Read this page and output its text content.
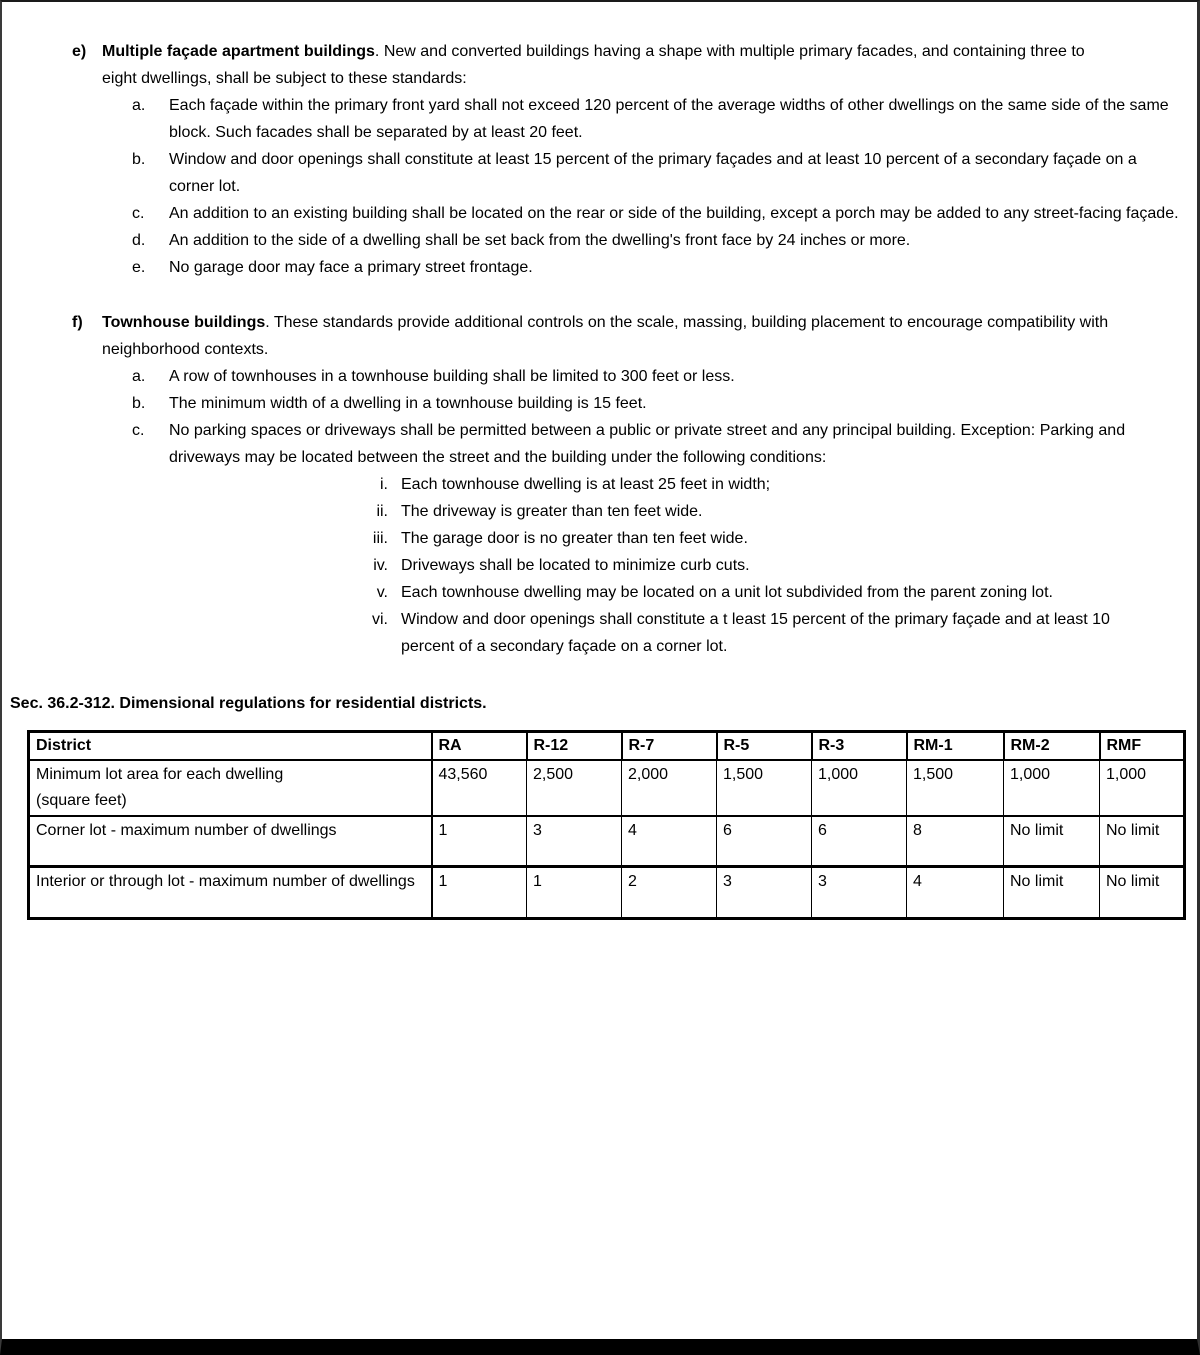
e) Multiple façade apartment buildings. New and converted buildings having a shape with multiple primary facades, and containing three to eight dwellings, shall be subject to these standards:
a.	Each façade within the primary front yard shall not exceed 120 percent of the average widths of other dwellings on the same side of the same block. Such facades shall be separated by at least 20 feet.
b.	Window and door openings shall constitute at least 15 percent of the primary façades and at least 10 percent of a secondary façade on a corner lot.
c.	An addition to an existing building shall be located on the rear or side of the building, except a porch may be added to any street-facing façade.
d.	An addition to the side of a dwelling shall be set back from the dwelling's front face by 24 inches or more.
e.	No garage door may face a primary street frontage.
f)	Townhouse buildings. These standards provide additional controls on the scale, massing, building placement to encourage compatibility with neighborhood contexts.
a.	A row of townhouses in a townhouse building shall be limited to 300 feet or less.
b.	The minimum width of a dwelling in a townhouse building is 15 feet.
c.	No parking spaces or driveways shall be permitted between a public or private street and any principal building. Exception: Parking and driveways may be located between the street and the building under the following conditions:
i. Each townhouse dwelling is at least 25 feet in width;
ii. The driveway is greater than ten feet wide.
iii. The garage door is no greater than ten feet wide.
iv. Driveways shall be located to minimize curb cuts.
v. Each townhouse dwelling may be located on a unit lot subdivided from the parent zoning lot.
vi. Window and door openings shall constitute a t least 15 percent of the primary façade and at least 10 percent of a secondary façade on a corner lot.
Sec. 36.2-312. Dimensional regulations for residential districts.
District	RA	R-12	R-7	R-5	R-3	RM-1	RM-2	RMF

Minimum lot area for each dwelling
(square feet)	43,560	2,500	2,000	1,500	1,000	1,500	1,000	1,000

Corner lot - maximum number of dwellings	1	3	4	6	6	8	No limit	No limit

Interior or through lot - maximum number of dwellings	1	1	2	3	3	4	No limit	No limit
